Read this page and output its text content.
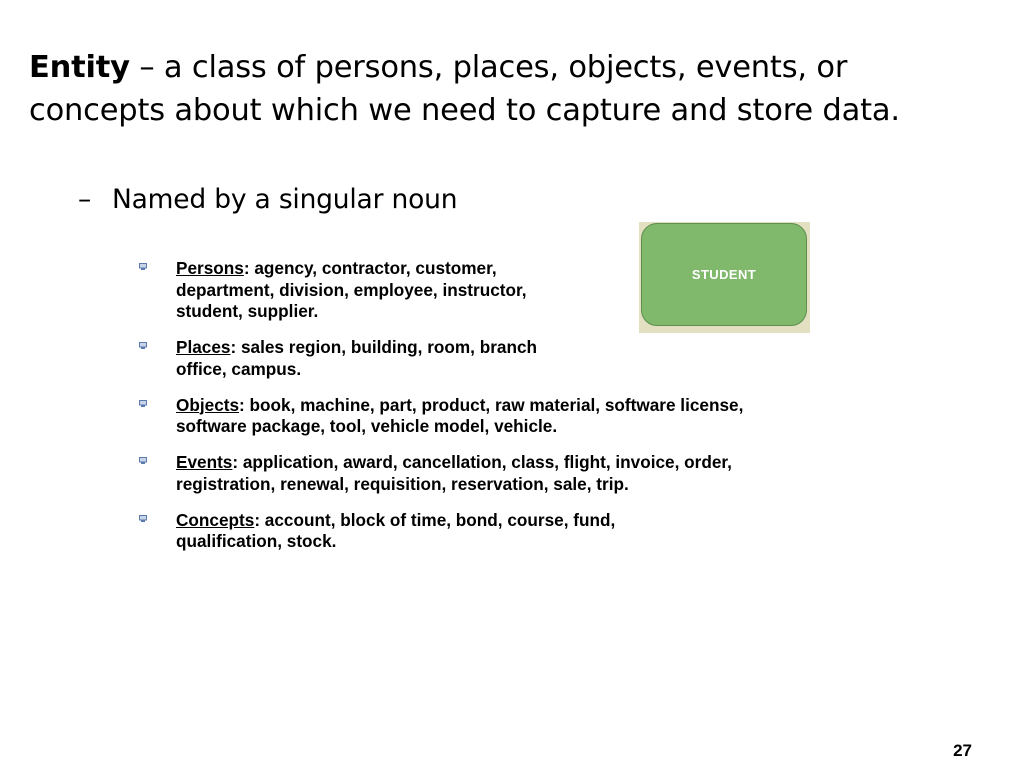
Entity – a class of persons, places, objects, events, or concepts about which we need to capture and store data.
– Named by a singular noun
Persons: agency, contractor, customer, department, division, employee, instructor, student, supplier.
Places: sales region, building, room, branch office, campus.
Objects: book, machine, part, product, raw material, software license, software package, tool, vehicle model, vehicle.
Events: application, award, cancellation, class, flight, invoice, order, registration, renewal, requisition, reservation, sale, trip.
Concepts: account, block of time, bond, course, fund, qualification, stock.
STUDENT
27
